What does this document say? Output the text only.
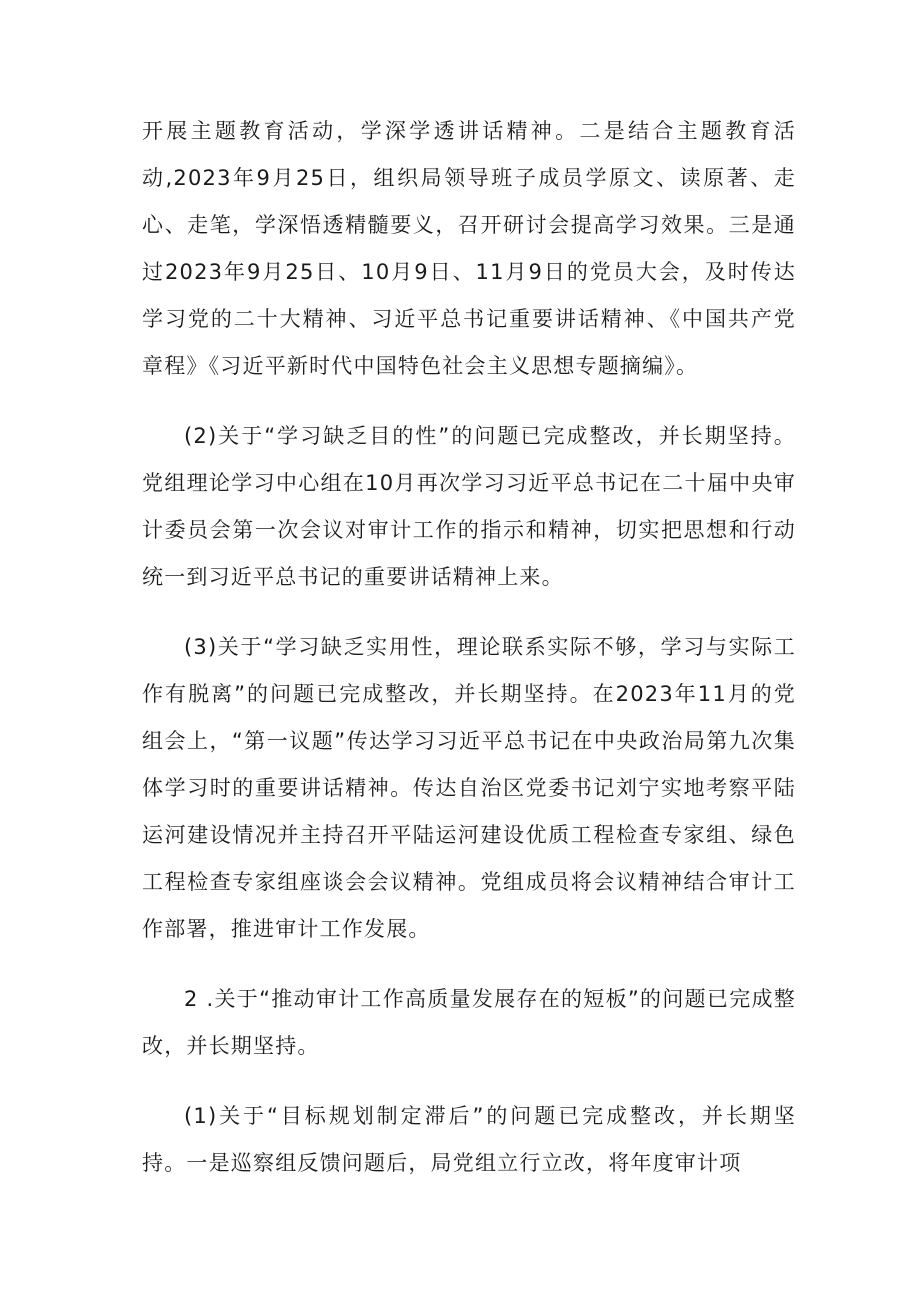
开展主题教育活动，学深学透讲话精神。二是结合主题教育活动,2023年9月25日，组织局领导班子成员学原文、读原著、走心、走笔，学深悟透精髓要义，召开研讨会提高学习效果。三是通过2023年9月25日、10月9日、11月9日的党员大会，及时传达学习党的二十大精神、习近平总书记重要讲话精神、《中国共产党章程》《习近平新时代中国特色社会主义思想专题摘编》。

(2)关于“学习缺乏目的性”的问题已完成整改，并长期坚持。党组理论学习中心组在10月再次学习习近平总书记在二十届中央审计委员会第一次会议对审计工作的指示和精神，切实把思想和行动统一到习近平总书记的重要讲话精神上来。

(3)关于“学习缺乏实用性，理论联系实际不够，学习与实际工作有脱离”的问题已完成整改，并长期坚持。在2023年11月的党组会上，“第一议题”传达学习习近平总书记在中央政治局第九次集体学习时的重要讲话精神。传达自治区党委书记刘宁实地考察平陆运河建设情况并主持召开平陆运河建设优质工程检查专家组、绿色工程检查专家组座谈会会议精神。党组成员将会议精神结合审计工作部署，推进审计工作发展。

2 .关于“推动审计工作高质量发展存在的短板”的问题已完成整改，并长期坚持。

(1)关于“目标规划制定滞后”的问题已完成整改，并长期坚持。一是巡察组反馈问题后，局党组立行立改，将年度审计项
